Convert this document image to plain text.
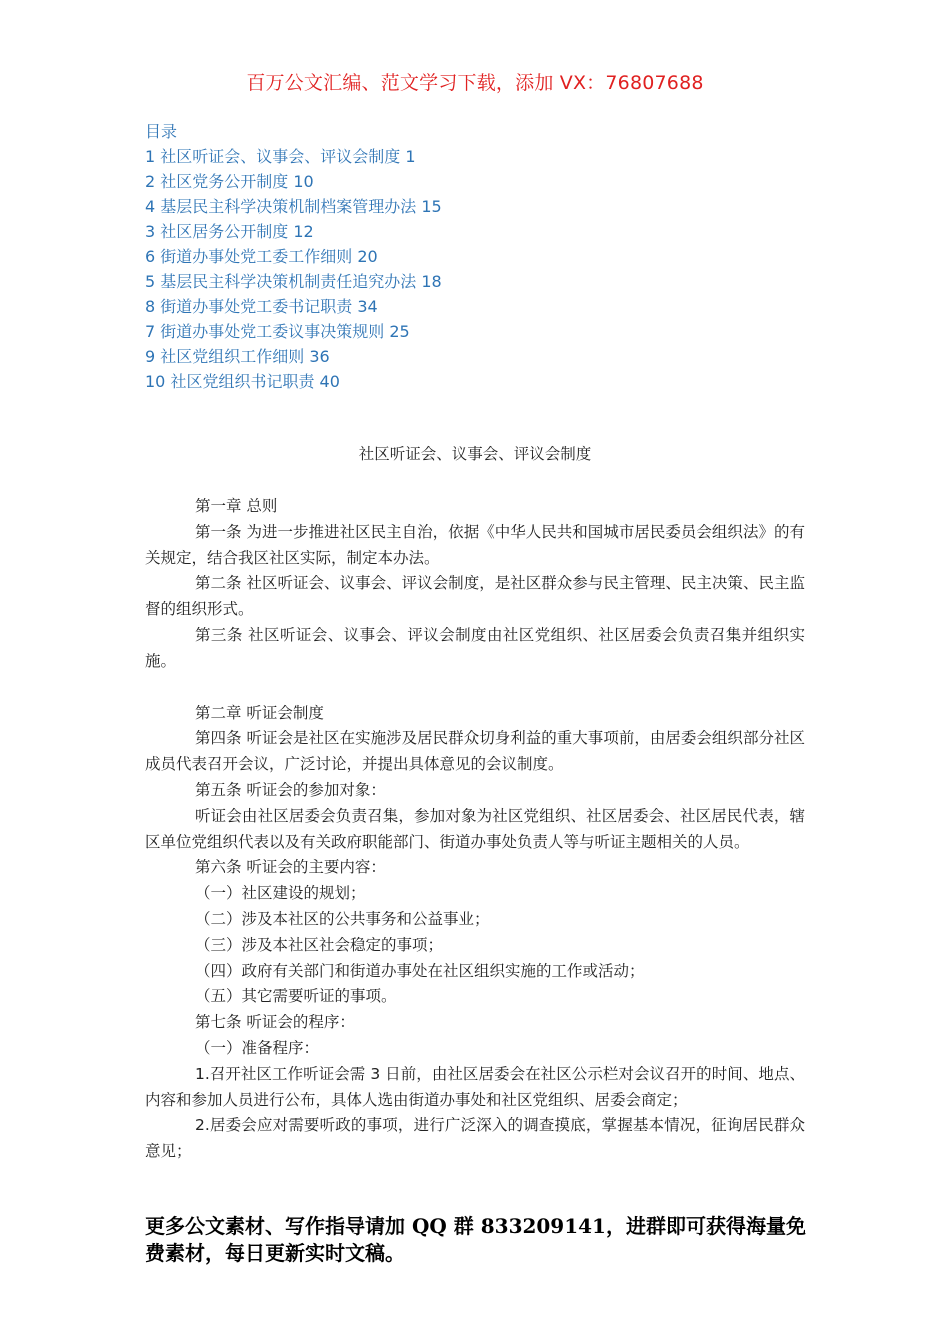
百万公文汇编、范文学习下载，添加 VX：76807688
目录
1 社区听证会、议事会、评议会制度 1
2 社区党务公开制度 10
4 基层民主科学决策机制档案管理办法 15
3 社区居务公开制度 12
6 街道办事处党工委工作细则 20
5 基层民主科学决策机制责任追究办法 18
8 街道办事处党工委书记职责 34
7 街道办事处党工委议事决策规则 25
9 社区党组织工作细则 36
10 社区党组织书记职责 40
社区听证会、议事会、评议会制度

第一章 总则

第一条 为进一步推进社区民主自治，依据《中华人民共和国城市居民委员会组织法》的有关规定，结合我区社区实际，制定本办法。

第二条 社区听证会、议事会、评议会制度，是社区群众参与民主管理、民主决策、民主监督的组织形式。

第三条 社区听证会、议事会、评议会制度由社区党组织、社区居委会负责召集并组织实施。

第二章 听证会制度

第四条 听证会是社区在实施涉及居民群众切身利益的重大事项前，由居委会组织部分社区成员代表召开会议，广泛讨论，并提出具体意见的会议制度。

第五条 听证会的参加对象：

听证会由社区居委会负责召集，参加对象为社区党组织、社区居委会、社区居民代表，辖区单位党组织代表以及有关政府职能部门、街道办事处负责人等与听证主题相关的人员。

第六条 听证会的主要内容：

（一）社区建设的规划；

（二）涉及本社区的公共事务和公益事业；

（三）涉及本社区社会稳定的事项；

（四）政府有关部门和街道办事处在社区组织实施的工作或活动；

（五）其它需要听证的事项。

第七条 听证会的程序：

（一）准备程序：

1.召开社区工作听证会需 3 日前，由社区居委会在社区公示栏对会议召开的时间、地点、内容和参加人员进行公布，具体人选由街道办事处和社区党组织、居委会商定；

2.居委会应对需要听政的事项，进行广泛深入的调查摸底，掌握基本情况，征询居民群众意见；

更多公文素材、写作指导请加 QQ 群 833209141，进群即可获得海量免费素材，每日更新实时文稿。
